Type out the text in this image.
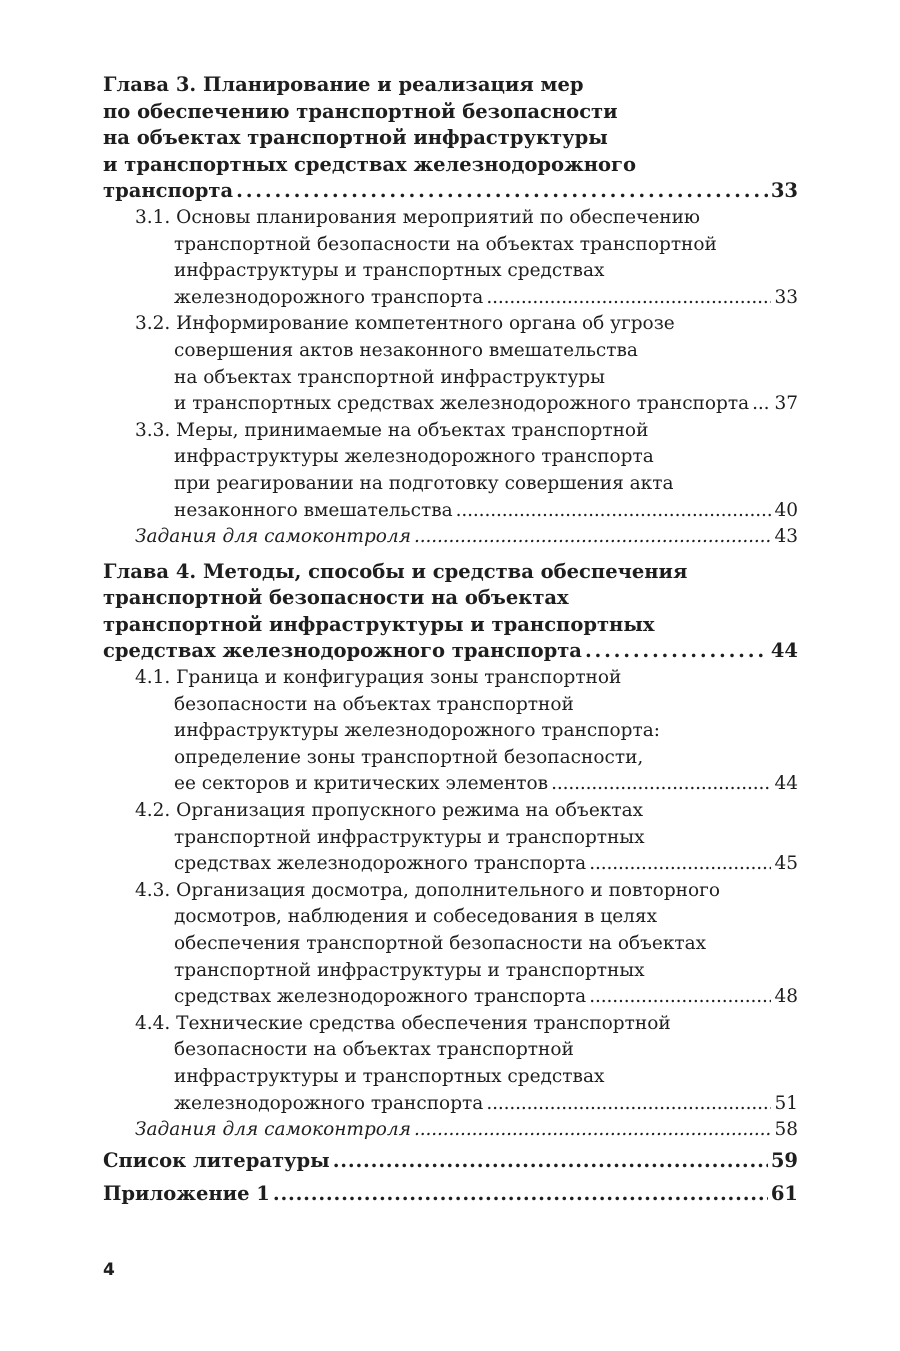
Глава 3. Планирование и реализация мер
по обеспечению транспортной безопасности
на объектах транспортной инфраструктуры
и транспортных средствах железнодорожного
транспорта . . .	33
3.1. Основы планирования мероприятий по обеспечению
транспортной безопасности на объектах транспортной
инфраструктуры и транспортных средствах
железнодорожного транспорта . . .	33
3.2. Информирование компетентного органа об угрозе
совершения актов незаконного вмешательства
на объектах транспортной инфраструктуры
и транспортных средствах железнодорожного транспорта . . . 37
3.3. Меры, принимаемые на объектах транспортной
инфраструктуры железнодорожного транспорта
при реагировании на подготовку совершения акта
незаконного вмешательства . . .	40
Задания для самоконтроля . . .	43
Глава 4. Методы, способы и средства обеспечения
транспортной безопасности на объектах
транспортной инфраструктуры и транспортных
средствах железнодорожного транспорта . . .	44
4.1. Граница и конфигурация зоны транспортной
безопасности на объектах транспортной
инфраструктуры железнодорожного транспорта:
определение зоны транспортной безопасности,
ее секторов и критических элементов . . .	44
4.2. Организация пропускного режима на объектах
транспортной инфраструктуры и транспортных
средствах железнодорожного транспорта . . .	45
4.3. Организация досмотра, дополнительного и повторного
досмотров, наблюдения и собеседования в целях
обеспечения транспортной безопасности на объектах
транспортной инфраструктуры и транспортных
средствах железнодорожного транспорта . . .	48
4.4. Технические средства обеспечения транспортной
безопасности на объектах транспортной
инфраструктуры и транспортных средствах
железнодорожного транспорта . . .	51
Задания для самоконтроля . . .	58
Список литературы . . .	59
Приложение 1 . . .	61
4
